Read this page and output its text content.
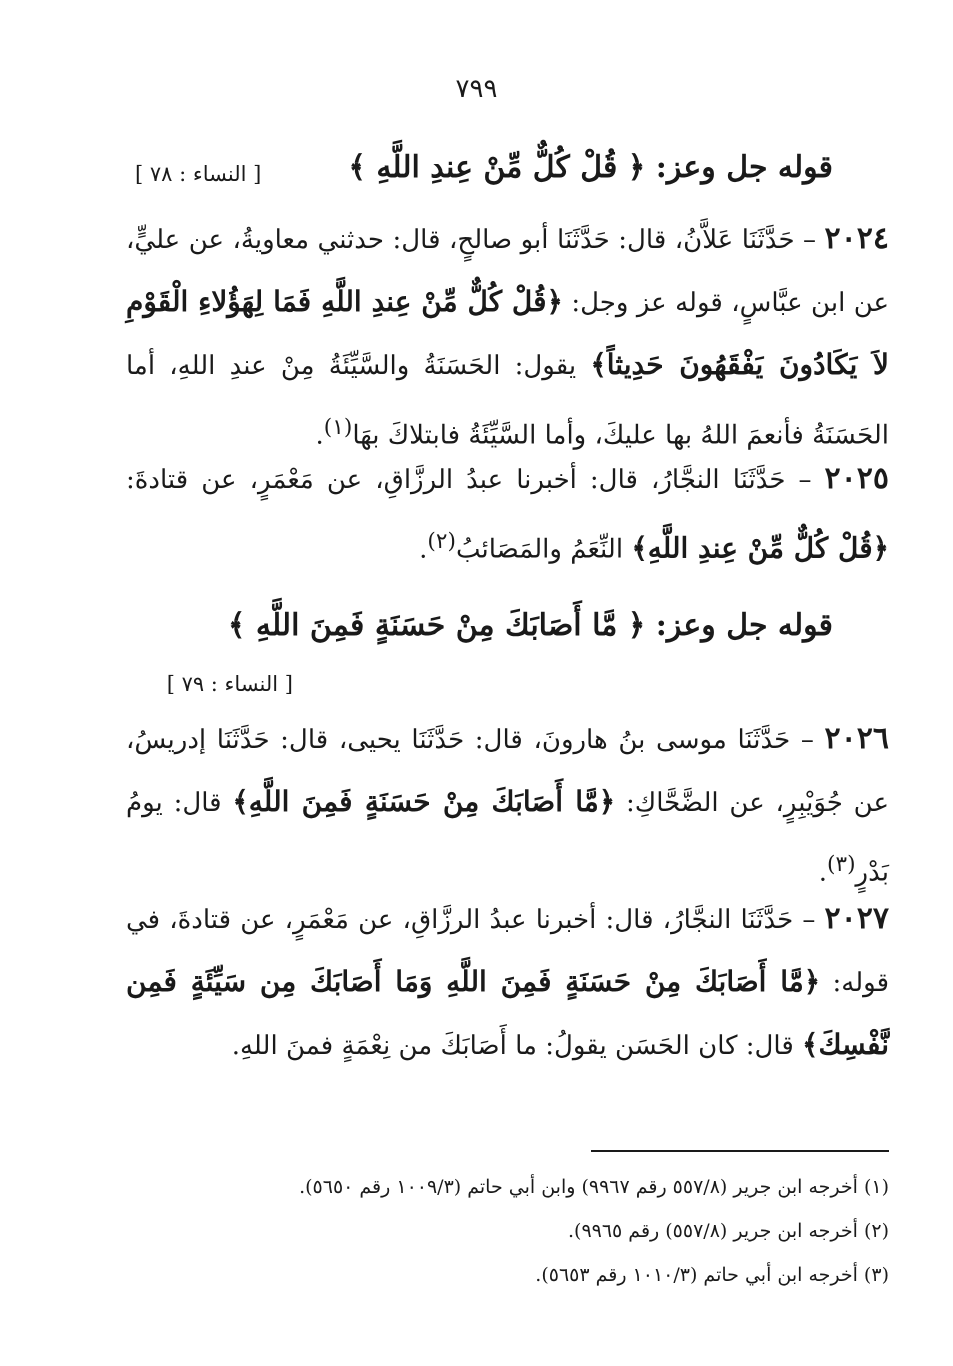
٧٩٩
قوله جل وعز: ﴿ قُلْ كُلٌّ مِّنْ عِندِ اللَّهِ ﴾
[ النساء : ٧٨ ]
٢٠٢٤ – حَدَّثَنَا عَلاَّنُ، قال: حَدَّثَنَا أبو صالحٍ، قال: حدثني معاويةُ، عن عليٍّ، عن ابن عبَّاسٍ، قوله عز وجل: ﴿قُلْ كُلٌّ مِّنْ عِندِ اللَّهِ فَمَا لِهَؤُلاءِ الْقَوْمِ لاَ يَكَادُونَ يَفْقَهُونَ حَدِيثاً﴾ يقول: الحَسَنَةُ والسَّيِّئَةُ مِنْ عندِ اللهِ، أما الحَسَنَةُ فأنعمَ اللهُ بها عليكَ، وأما السَّيِّئَةُ فابتلاكَ بهَا$^{(١)}$.
٢٠٢٥ – حَدَّثَنَا النجَّارُ، قال: أخبرنا عبدُ الرزَّاقِ، عن مَعْمَرٍ، عن قتادةَ: ﴿قُلْ كُلٌّ مِّنْ عِندِ اللَّهِ﴾ النِّعَمُ والمَصَائبُ$^{(٢)}$.
قوله جل وعز: ﴿ مَّا أَصَابَكَ مِنْ حَسَنَةٍ فَمِنَ اللَّهِ ﴾
[ النساء : ٧٩ ]
٢٠٢٦ – حَدَّثَنَا موسى بنُ هارونَ، قال: حَدَّثَنَا يحيى، قال: حَدَّثَنَا إدريسُ، عن جُوَيْبِرٍ، عن الضَّحَّاكِ: ﴿مَّا أَصَابَكَ مِنْ حَسَنَةٍ فَمِنَ اللَّهِ﴾ قال: يومُ بَدْرٍ$^{(٣)}$.
٢٠٢٧ – حَدَّثَنَا النجَّارُ، قال: أخبرنا عبدُ الرزَّاقِ، عن مَعْمَرٍ، عن قتادةَ، في قوله: ﴿مَّا أَصَابَكَ مِنْ حَسَنَةٍ فَمِنَ اللَّهِ وَمَا أَصَابَكَ مِن سَيِّئَةٍ فَمِن نَّفْسِكَ﴾ قال: كان الحَسَن يقولُ: ما أَصَابَكَ من نِعْمَةٍ فمنَ اللهِ.
(١) أخرجه ابن جرير (٥٥٧/٨ رقم ٩٩٦٧) وابن أبي حاتم (١٠٠٩/٣ رقم ٥٦٥٠).
(٢) أخرجه ابن جرير (٥٥٧/٨) رقم ٩٩٦٥).
(٣) أخرجه ابن أبي حاتم (١٠١٠/٣ رقم ٥٦٥٣).
